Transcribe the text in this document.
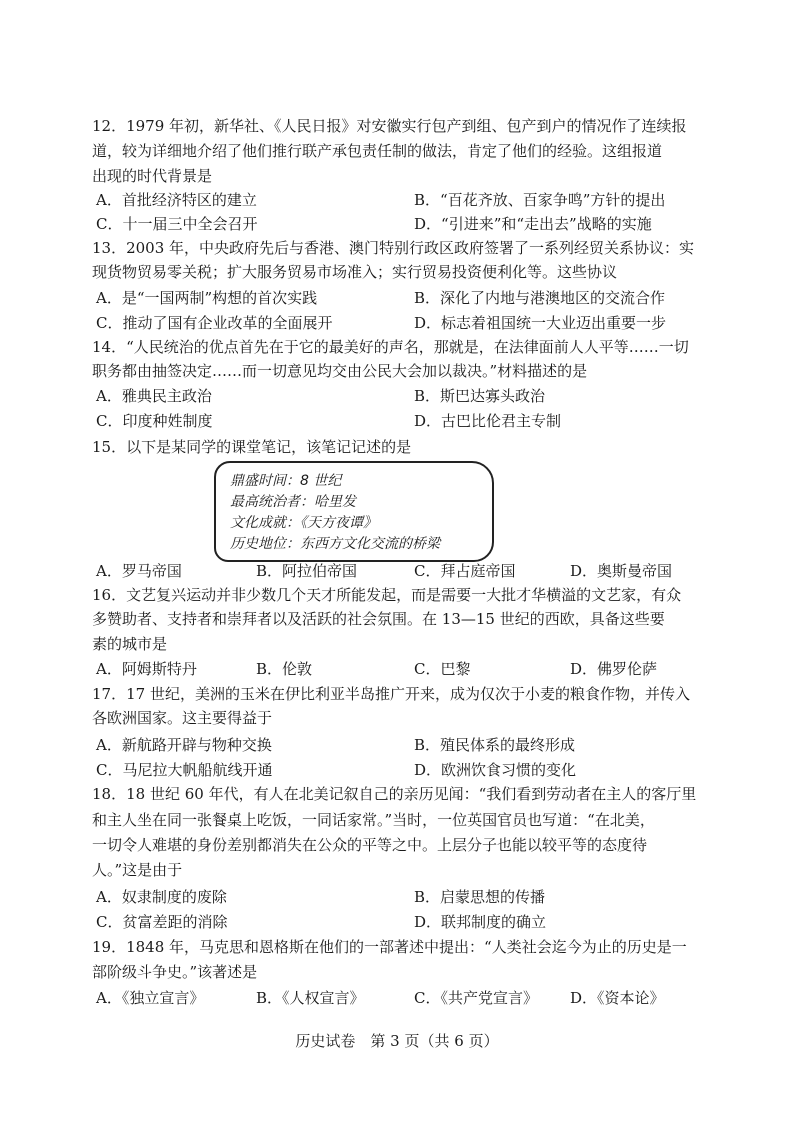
12．1979 年初，新华社、《人民日报》对安徽实行包产到组、包产到户的情况作了连续报
道，较为详细地介绍了他们推行联产承包责任制的做法，肯定了他们的经验。这组报道
出现的时代背景是
A．首批经济特区的建立	B．“百花齐放、百家争鸣”方针的提出
C．十一届三中全会召开	D．“引进来”和“走出去”战略的实施
13．2003 年，中央政府先后与香港、澳门特别行政区政府签署了一系列经贸关系协议：实
现货物贸易零关税；扩大服务贸易市场准入；实行贸易投资便利化等。这些协议
A．是“一国两制”构想的首次实践	B．深化了内地与港澳地区的交流合作
C．推动了国有企业改革的全面展开	D．标志着祖国统一大业迈出重要一步
14．“人民统治的优点首先在于它的最美好的声名，那就是，在法律面前人人平等……一切
职务都由抽签决定……而一切意见均交由公民大会加以裁决。”材料描述的是
A．雅典民主政治	B．斯巴达寡头政治
C．印度种姓制度	D．古巴比伦君主专制
15．以下是某同学的课堂笔记，该笔记记述的是
鼎盛时间：8 世纪
最高统治者：哈里发
文化成就：《天方夜谭》
历史地位：东西方文化交流的桥梁
A．罗马帝国	B．阿拉伯帝国	C．拜占庭帝国	D．奥斯曼帝国
16．文艺复兴运动并非少数几个天才所能发起，而是需要一大批才华横溢的文艺家，有众
多赞助者、支持者和崇拜者以及活跃的社会氛围。在 13—15 世纪的西欧，具备这些要
素的城市是
A．阿姆斯特丹	B．伦敦	C．巴黎	D．佛罗伦萨
17．17 世纪，美洲的玉米在伊比利亚半岛推广开来，成为仅次于小麦的粮食作物，并传入
各欧洲国家。这主要得益于
A．新航路开辟与物种交换	B．殖民体系的最终形成
C．马尼拉大帆船航线开通	D．欧洲饮食习惯的变化
18．18 世纪 60 年代，有人在北美记叙自己的亲历见闻：“我们看到劳动者在主人的客厅里
和主人坐在同一张餐桌上吃饭，一同话家常。”当时，一位英国官员也写道：“在北美，
一切令人难堪的身份差别都消失在公众的平等之中。上层分子也能以较平等的态度待
人。”这是由于
A．奴隶制度的废除	B．启蒙思想的传播
C．贫富差距的消除	D．联邦制度的确立
19．1848 年，马克思和恩格斯在他们的一部著述中提出：“人类社会迄今为止的历史是一
部阶级斗争史。”该著述是
A．《独立宣言》	B．《人权宣言》	C．《共产党宣言》 D．《资本论》
历史试卷　第 3 页（共 6 页）
